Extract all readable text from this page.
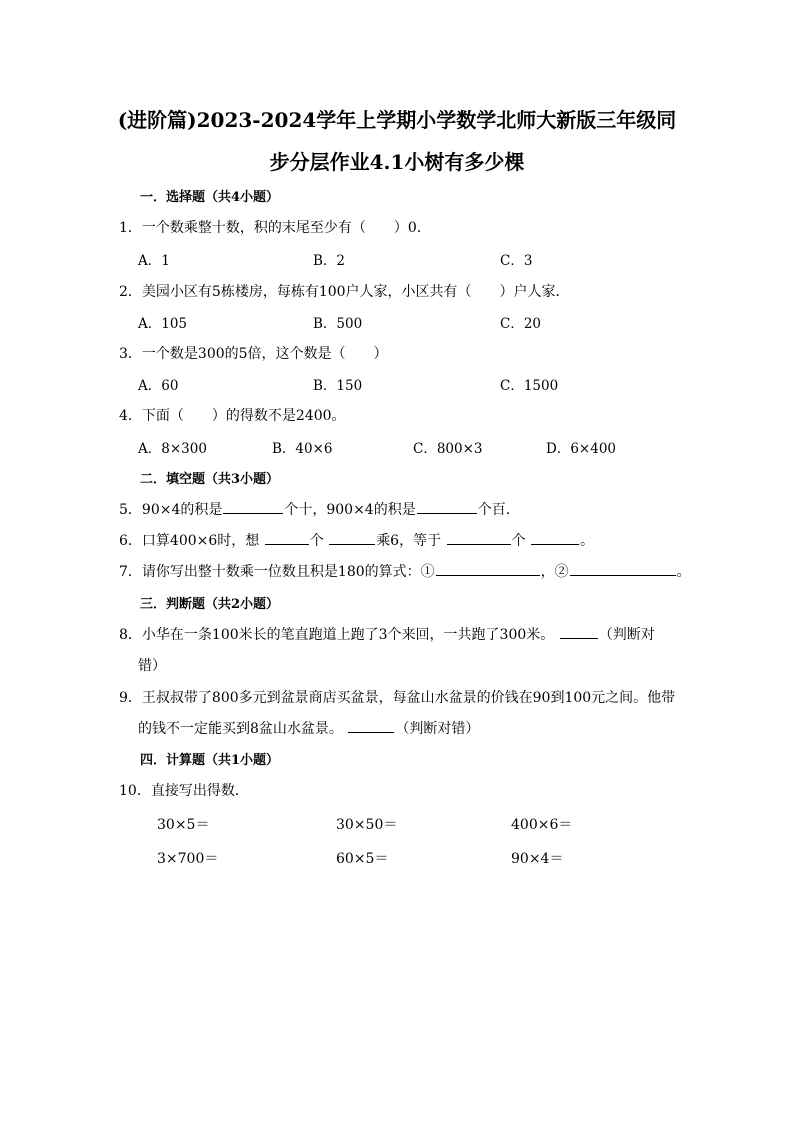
(进阶篇)2023-2024学年上学期小学数学北师大新版三年级同
步分层作业4.1小树有多少棵
一．选择题（共4小题）
1．一个数乘整十数，积的末尾至少有（　　）0．
A．1	B．2	C．3
2．美园小区有5栋楼房，每栋有100户人家，小区共有（　　）户人家．
A．105	B．500	C．20
3．一个数是300的5倍，这个数是（　　）
A．60	B．150	C．1500
4．下面（　　）的得数不是2400。
A．8×300	B．40×6	C．800×3	D．6×400
二．填空题（共3小题）
5．90×4的积是	个十，900×4的积是	个百．
6．口算400×6时，想	个	乘6，等于	个	。
7．请你写出整十数乘一位数且积是180的算式：①	，②	。
三．判断题（共2小题）
8．小华在一条100米长的笔直跑道上跑了3个来回，一共跑了300米。	（判断对
错）
9．王叔叔带了800多元到盆景商店买盆景，每盆山水盆景的价钱在90到100元之间。他带
的钱不一定能买到8盆山水盆景。	（判断对错）
四．计算题（共1小题）
10．直接写出得数．
30×5＝	30×50＝	400×6＝
3×700＝	60×5＝	90×4＝
